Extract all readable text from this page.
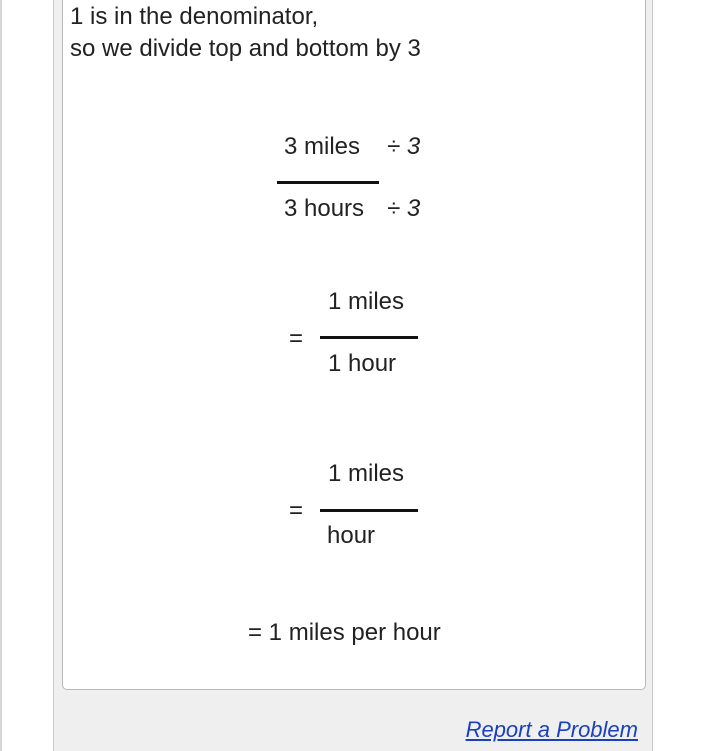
1 is in the denominator,
so we divide top and bottom by 3
3 miles ÷ 3
3 hours ÷ 3
=
1 miles
1 hour
=
1 miles
hour
= 1 miles per hour
Report a Problem
